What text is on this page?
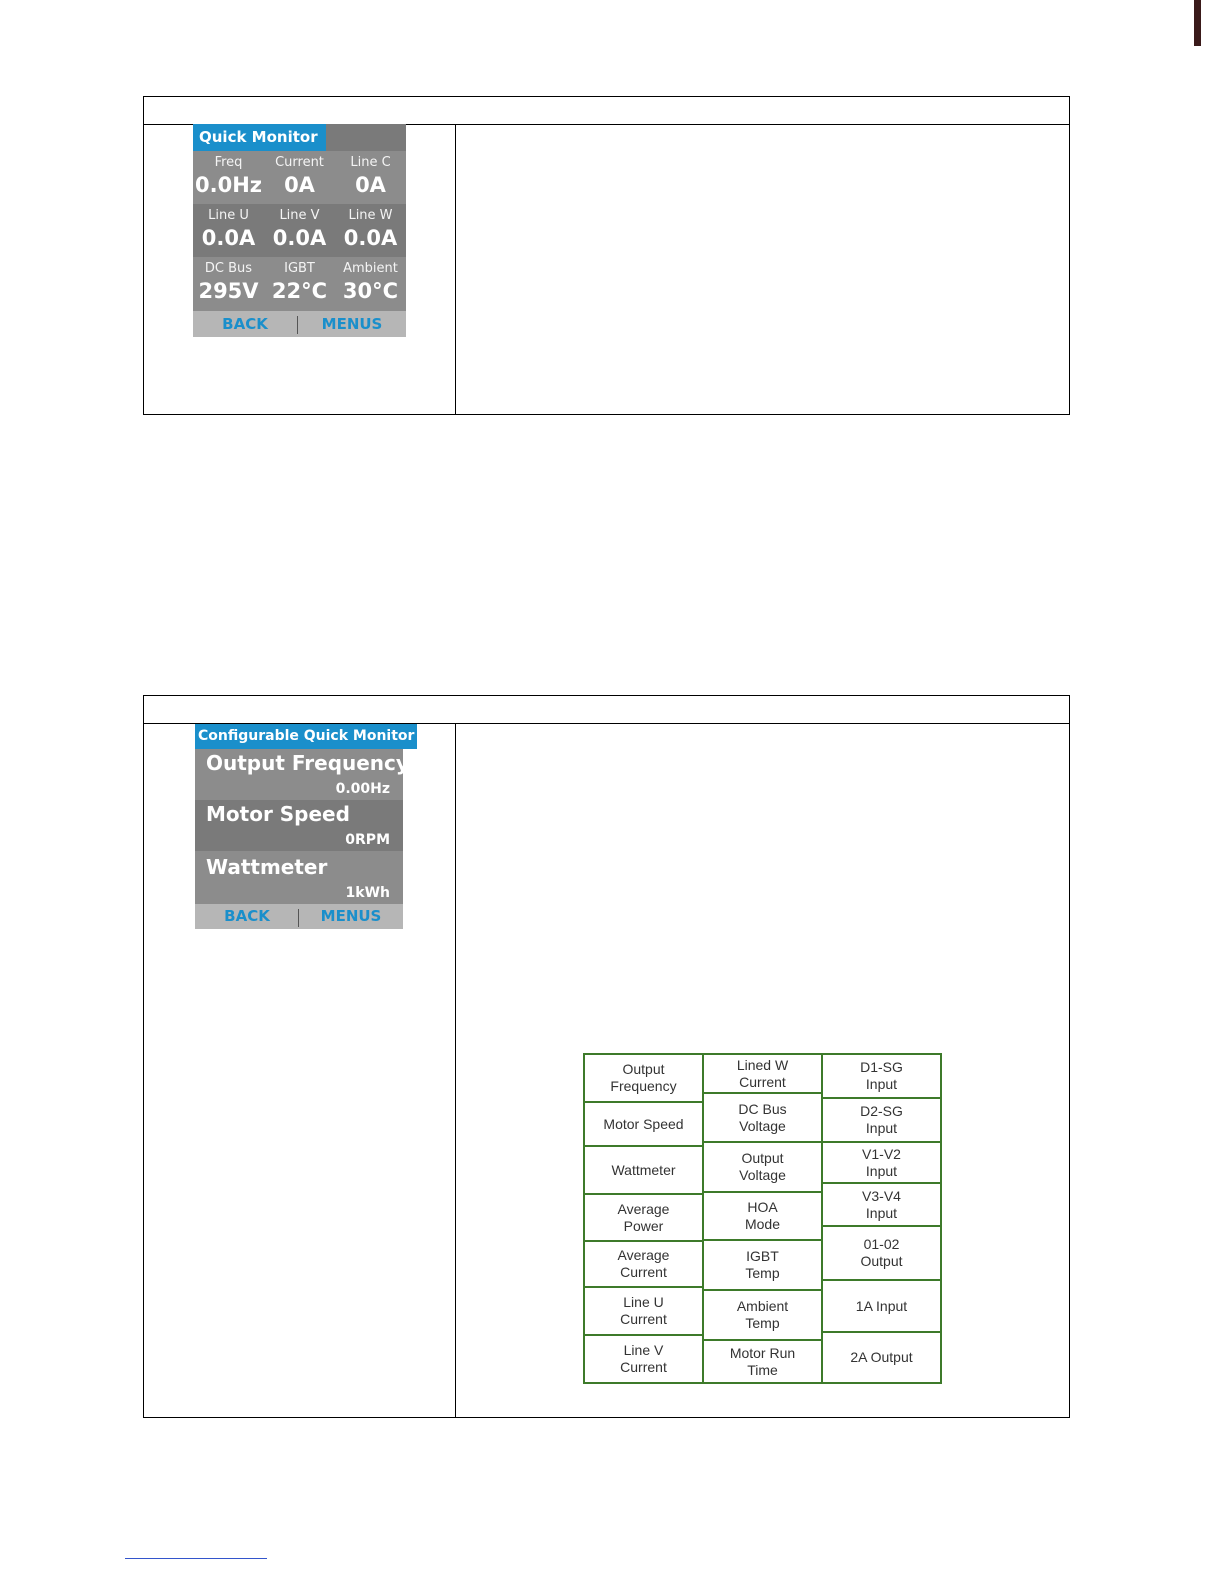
Quick Monitor
Freq
0.0Hz
Current
0A
Line C
0A
Line U
0.0A
Line V
0.0A
Line W
0.0A
DC Bus
295V
IGBT
22°C
Ambient
30°C
BACK	MENUS
Configurable Quick Monitor
Output Frequency
0.00Hz
Motor Speed
0RPM
Wattmeter
1kWh
BACK	MENUS
Output
Frequency
Motor Speed
Wattmeter
Average
Power
Average
Current
Line U
Current
Line V
Current
Lined W
Current
DC Bus
Voltage
Output
Voltage
HOA
Mode
IGBT
Temp
Ambient
Temp
Motor Run
Time
D1-SG
Input
D2-SG
Input
V1-V2
Input
V3-V4
Input
01-02
Output
1A Input
2A Output
